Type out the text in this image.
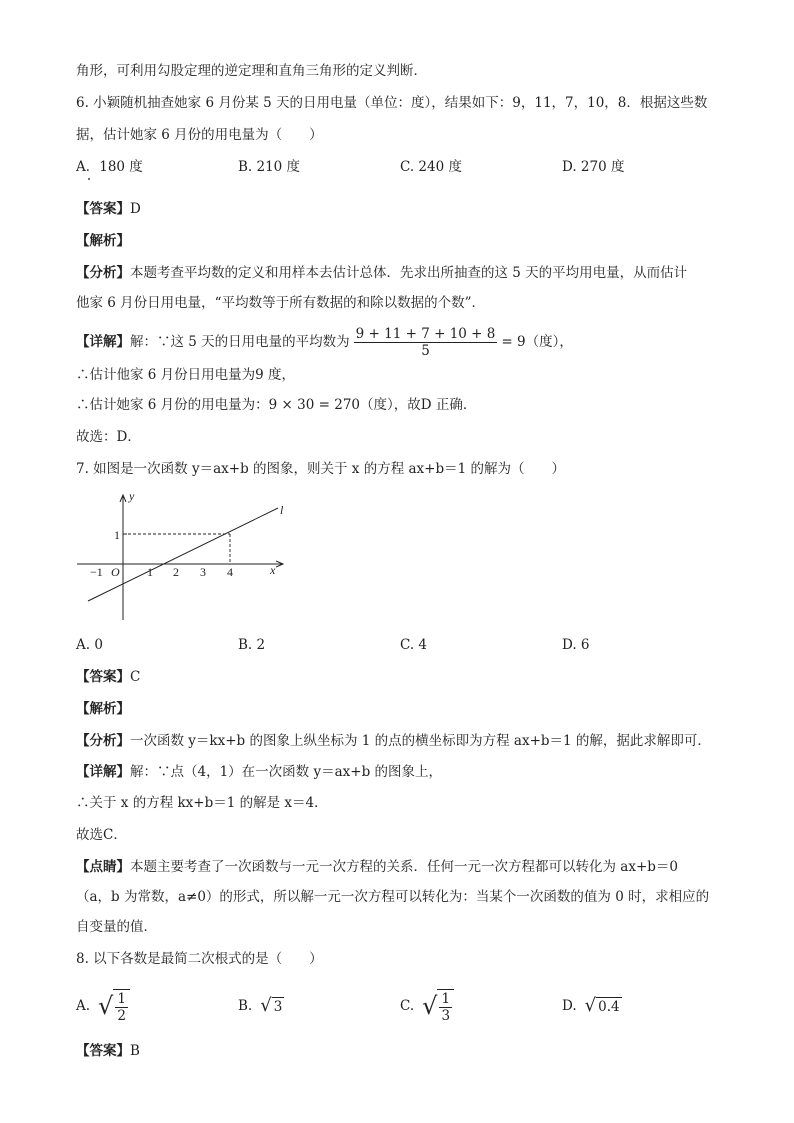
角形，可利用勾股定理的逆定理和直角三角形的定义判断．
6. 小颖随机抽查她家 6 月份某 5 天的日用电量（单位：度），结果如下：9，11，7，10，8．根据这些数
据，估计她家 6 月份的用电量为（　　）
A．180 度	B. 210 度	C. 240 度	D. 270 度
【答案】D
【解析】
【分析】本题考查平均数的定义和用样本去估计总体．先求出所抽查的这 5 天的平均用电量，从而估计
他家 6 月份日用电量，“平均数等于所有数据的和除以数据的个数”．
【详解】 解：∵这 5 天的日用电量的平均数为 $\frac{9 + 11 + 7 + 10 + 8}{5} = 9$（度），
∴估计他家 6 月份日用电量为9 度，
∴估计她家 6 月份的用电量为：9 × 30 = 270（度），故D 正确．
故选：D．
7. 如图是一次函数 y＝ax+b 的图象，则关于 x 的方程 ax+b＝1 的解为（　　）
y
x
l
O
1
−1	1 2 3 4
A. 0	B. 2	C. 4	D. 6
【答案】C
【解析】
【分析】一次函数 y＝kx+b 的图象上纵坐标为 1 的点的横坐标即为方程 ax+b＝1 的解，据此求解即可．
【详解】解：∵点（4，1）在一次函数 y＝ax+b 的图象上，
∴关于 x 的方程 kx+b＝1 的解是 x＝4．
故选C．
【点睛】本题主要考查了一次函数与一元一次方程的关系．任何一元一次方程都可以转化为 ax+b＝0
（a，b 为常数，a≠0）的形式，所以解一元一次方程可以转化为：当某个一次函数的值为 0 时，求相应的
自变量的值．
8. 以下各数是最简二次根式的是（　　）
A. √ $\frac{1}{2}$	B. √ 3	C. √ $\frac{1}{3}$	D. √ 0.4
【答案】B
